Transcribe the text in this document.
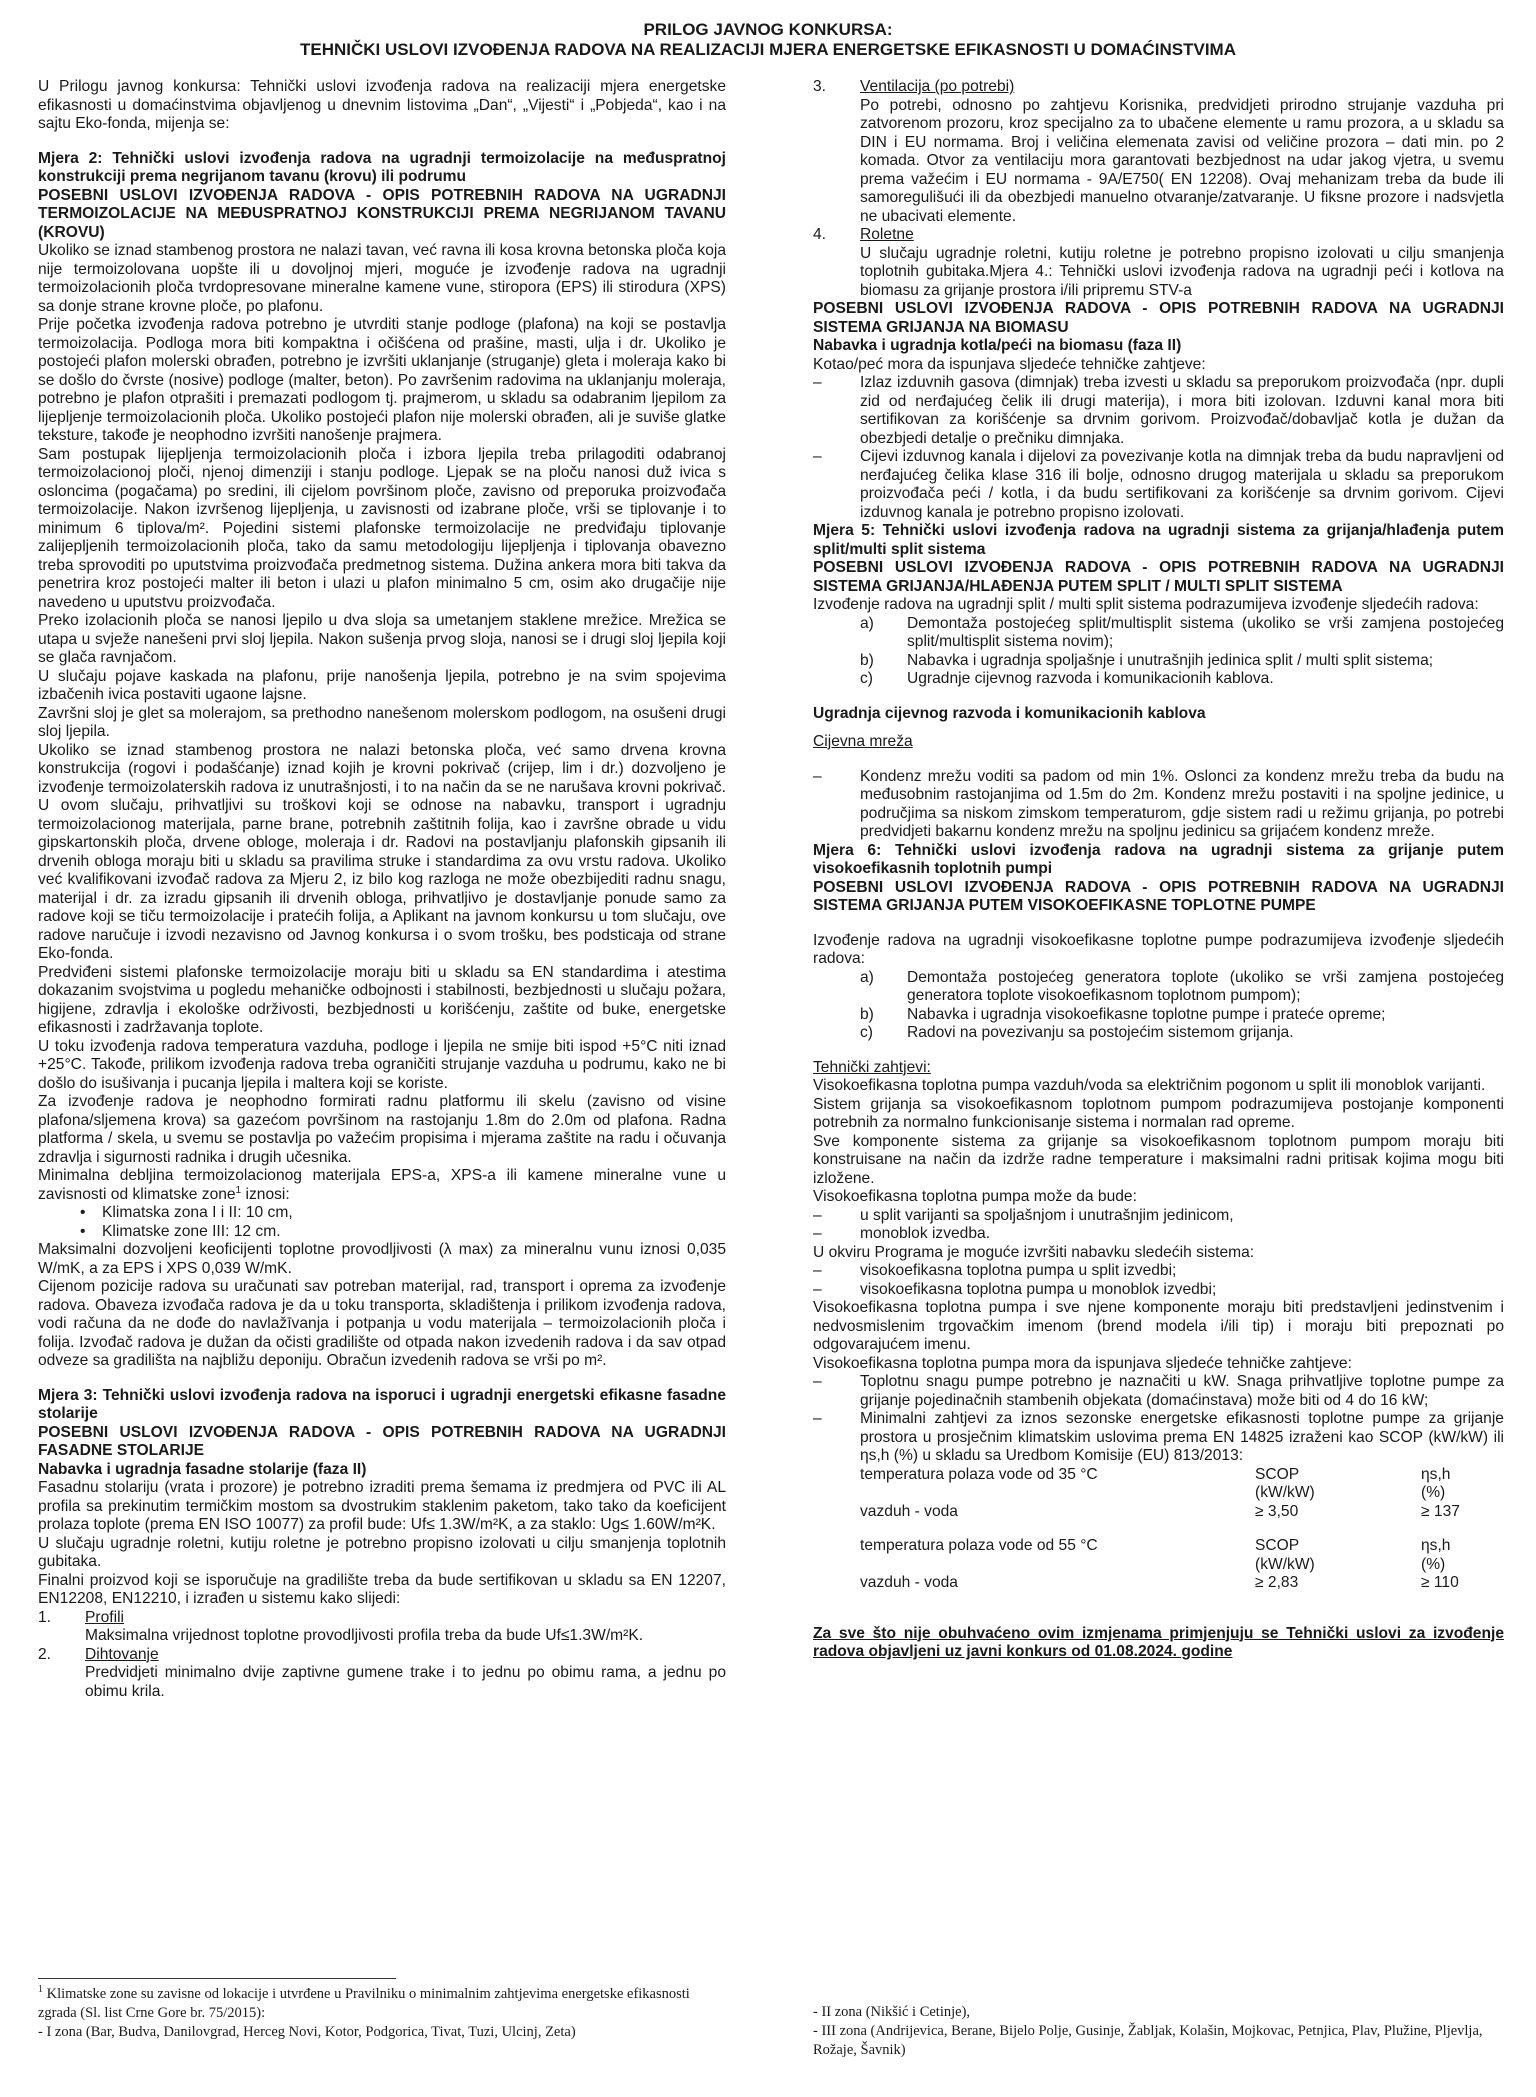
PRILOG JAVNOG KONKURSA:
TEHNIČKI USLOVI IZVOĐENJA RADOVA NA REALIZACIJI MJERA ENERGETSKE EFIKASNOSTI U DOMAĆINSTVIMA

U Prilogu javnog konkursa: Tehnički uslovi izvođenja radova na realizaciji mjera energetske efikasnosti u domaćinstvima objavljenog u dnevnim listovima „Dan“, „Vijesti“ i „Pobjeda“, kao i na sajtu Eko-fonda, mijenja se:

Mjera 2: Tehnički uslovi izvođenja radova na ugradnji termoizolacije na međuspratnoj konstrukciji prema negrijanom tavanu (krovu) ili podrumu

POSEBNI USLOVI IZVOĐENJA RADOVA - OPIS POTREBNIH RADOVA NA UGRADNJI TERMOIZOLACIJE NA MEĐUSPRATNOJ KONSTRUKCIJI PREMA NEGRIJANOM TAVANU (KROVU)

Ukoliko se iznad stambenog prostora ne nalazi tavan, već ravna ili kosa krovna betonska ploča koja nije termoizolovana uopšte ili u dovoljnoj mjeri, moguće je izvođenje radova na ugradnji termoizolacionih ploča tvrdopresovane mineralne kamene vune, stiropora (EPS) ili stirodura (XPS) sa donje strane krovne ploče, po plafonu.

Prije početka izvođenja radova potrebno je utvrditi stanje podloge (plafona) na koji se postavlja termoizolacija. Podloga mora biti kompaktna i očišćena od prašine, masti, ulja i dr. Ukoliko je postojeći plafon molerski obrađen, potrebno je izvršiti uklanjanje (struganje) gleta i moleraja kako bi se došlo do čvrste (nosive) podloge (malter, beton). Po završenim radovima na uklanjanju moleraja, potrebno je plafon otprašiti i premazati podlogom tj. prajmerom, u skladu sa odabranim ljepilom za lijepljenje termoizolacionih ploča. Ukoliko postojeći plafon nije molerski obrađen, ali je suviše glatke teksture, takođe je neophodno izvršiti nanošenje prajmera.

Sam postupak lijepljenja termoizolacionih ploča i izbora ljepila treba prilagoditi odabranoj termoizolacionoj ploči, njenoj dimenziji i stanju podloge. Ljepak se na ploču nanosi duž ivica s osloncima (pogačama) po sredini, ili cijelom površinom ploče, zavisno od preporuka proizvođača termoizolacije. Nakon izvršenog lijepljenja, u zavisnosti od izabrane ploče, vrši se tiplovanje i to minimum 6 tiplova/m². Pojedini sistemi plafonske termoizolacije ne predviđaju tiplovanje zalijepljenih termoizolacionih ploča, tako da samu metodologiju lijepljenja i tiplovanja obavezno treba sprovoditi po uputstvima proizvođača predmetnog sistema. Dužina ankera mora biti takva da penetrira kroz postojeći malter ili beton i ulazi u plafon minimalno 5 cm, osim ako drugačije nije navedeno u uputstvu proizvođača.

Preko izolacionih ploča se nanosi ljepilo u dva sloja sa umetanjem staklene mrežice. Mrežica se utapa u svježe nanešeni prvi sloj ljepila. Nakon sušenja prvog sloja, nanosi se i drugi sloj ljepila koji se glača ravnjačom.

U slučaju pojave kaskada na plafonu, prije nanošenja ljepila, potrebno je na svim spojevima izbačenih ivica postaviti ugaone lajsne.

Završni sloj je glet sa molerajom, sa prethodno nanešenom molerskom podlogom, na osušeni drugi sloj ljepila.

Ukoliko se iznad stambenog prostora ne nalazi betonska ploča, već samo drvena krovna konstrukcija (rogovi i podašćanje) iznad kojih je krovni pokrivač (crijep, lim i dr.) dozvoljeno je izvođenje termoizolaterskih radova iz unutrašnjosti, i to na način da se ne narušava krovni pokrivač. U ovom slučaju, prihvatljivi su troškovi koji se odnose na nabavku, transport i ugradnju termoizolacionog materijala, parne brane, potrebnih zaštitnih folija, kao i završne obrade u vidu gipskartonskih ploča, drvene obloge, moleraja i dr. Radovi na postavljanju plafonskih gipsanih ili drvenih obloga moraju biti u skladu sa pravilima struke i standardima za ovu vrstu radova. Ukoliko već kvalifikovani izvođač radova za Mjeru 2, iz bilo kog razloga ne može obezbijediti radnu snagu, materijal i dr. za izradu gipsanih ili drvenih obloga, prihvatljivo je dostavljanje ponude samo za radove koji se tiču termoizolacije i pratećih folija, a Aplikant na javnom konkursu u tom slučaju, ove radove naručuje i izvodi nezavisno od Javnog konkursa i o svom trošku, bes podsticaja od strane Eko-fonda.

Predviđeni sistemi plafonske termoizolacije moraju biti u skladu sa EN standardima i atestima dokazanim svojstvima u pogledu mehaničke odbojnosti i stabilnosti, bezbjednosti u slučaju požara, higijene, zdravlja i ekološke održivosti, bezbjednosti u korišćenju, zaštite od buke, energetske efikasnosti i zadržavanja toplote.

U toku izvođenja radova temperatura vazduha, podloge i ljepila ne smije biti ispod +5°C niti iznad +25°C. Takođe, prilikom izvođenja radova treba ograničiti strujanje vazduha u podrumu, kako ne bi došlo do isušivanja i pucanja ljepila i maltera koji se koriste.

Za izvođenje radova je neophodno formirati radnu platformu ili skelu (zavisno od visine plafona/sljemena krova) sa gazećom površinom na rastojanju 1.8m do 2.0m od plafona. Radna platforma / skela, u svemu se postavlja po važećim propisima i mjerama zaštite na radu i očuvanja zdravlja i sigurnosti radnika i drugih učesnika.

Minimalna debljina termoizolacionog materijala EPS-a, XPS-a ili kamene mineralne vune u zavisnosti od klimatske zone$^1$ iznosi:

•	Klimatska zona I i II: 10 cm,
•	Klimatske zone III: 12 cm.

Maksimalni dozvoljeni keoficijenti toplotne provodljivosti (λ max) za mineralnu vunu iznosi 0,035 W/mK, a za EPS i XPS 0,039 W/mK.

Cijenom pozicije radova su uračunati sav potreban materijal, rad, transport i oprema za izvođenje radova. Obaveza izvođača radova je da u toku transporta, skladištenja i prilikom izvođenja radova, vodi računa da ne dođe do navlažīvanja i potpanja u vodu materijala – termoizolacionih ploča i folija. Izvođač radova je dužan da očisti gradilište od otpada nakon izvedenih radova i da sav otpad odveze sa gradilišta na najbližu deponiju. Obračun izvedenih radova se vrši po m².

Mjera 3: Tehnički uslovi izvođenja radova na isporuci i ugradnji energetski efikasne fasadne stolarije

POSEBNI USLOVI IZVOĐENJA RADOVA - OPIS POTREBNIH RADOVA NA UGRADNJI FASADNE STOLARIJE

Nabavka i ugradnja fasadne stolarije (faza II)

Fasadnu stolariju (vrata i prozore) je potrebno izraditi prema šemama iz predmjera od PVC ili AL profila sa prekinutim termičkim mostom sa dvostrukim staklenim paketom, tako tako da koeficijent prolaza toplote (prema EN ISO 10077) za profil bude: Uf≤ 1.3W/m²K, a za staklo: Ug≤ 1.60W/m²K.

U slučaju ugradnje roletni, kutiju roletne je potrebno propisno izolovati u cilju smanjenja toplotnih gubitaka.

Finalni proizvod koji se isporučuje na gradilište treba da bude sertifikovan u skladu sa EN 12207, EN12208, EN12210, i izrađen u sistemu kako slijedi:

1.	Profili
Maksimalna vrijednost toplotne provodljivosti profila treba da bude Uf≤1.3W/m²K.
2.	Dihtovanje
Predvidjeti minimalno dvije zaptivne gumene trake i to jednu po obimu rama, a jednu po obimu krila.
3.	Ventilacija (po potrebi)
Po potrebi, odnosno po zahtjevu Korisnika, predvidjeti prirodno strujanje vazduha pri zatvorenom prozoru, kroz specijalno za to ubačene elemente u ramu prozora, a u skladu sa DIN i EU normama. Broj i veličina elemenata zavisi od veličine prozora – dati min. po 2 komada. Otvor za ventilaciju mora garantovati bezbjednost na udar jakog vjetra, u svemu prema važećim i EU normama - 9A/E750( EN 12208). Ovaj mehanizam treba da bude ili samoregulišući ili da obezbjedi manuelno otvaranje/zatvaranje. U fiksne prozore i nadsvjetla ne ubacivati elemente.
4.	Roletne
U slučaju ugradnje roletni, kutiju roletne je potrebno propisno izolovati u cilju smanjenja toplotnih gubitaka.Mjera 4.: Tehnički uslovi izvođenja radova na ugradnji peći i kotlova na biomasu za grijanje prostora i/ili pripremu STV-a

POSEBNI USLOVI IZVOĐENJA RADOVA - OPIS POTREBNIH RADOVA NA UGRADNJI SISTEMA GRIJANJA NA BIOMASU

Nabavka i ugradnja kotla/peći na biomasu (faza II)

Kotao/peć mora da ispunjava sljedeće tehničke zahtjeve:

–	Izlaz izduvnih gasova (dimnjak) treba izvesti u skladu sa preporukom proizvođača (npr. dupli zid od nerđajućeg čelik ili drugi materija), i mora biti izolovan. Izduvni kanal mora biti sertifikovan za korišćenje sa drvnim gorivom. Proizvođač/dobavljač kotla je dužan da obezbjedi detalje o prečniku dimnjaka.
–	Cijevi izduvnog kanala i dijelovi za povezivanje kotla na dimnjak treba da budu napravljeni od nerđajućeg čelika klase 316 ili bolje, odnosno drugog materijala u skladu sa preporukom proizvođača peći / kotla, i da budu sertifikovani za korišćenje sa drvnim gorivom. Cijevi izduvnog kanala je potrebno propisno izolovati.

Mjera 5: Tehnički uslovi izvođenja radova na ugradnji sistema za grijanja/hlađenja putem split/multi split sistema

POSEBNI USLOVI IZVOĐENJA RADOVA - OPIS POTREBNIH RADOVA NA UGRADNJI SISTEMA GRIJANJA/HLAĐENJA PUTEM SPLIT / MULTI SPLIT SISTEMA

Izvođenje radova na ugradnji split / multi split sistema podrazumijeva izvođenje sljedećih radova:

a)	Demontaža postojećeg split/multisplit sistema (ukoliko se vrši zamjena postojećeg split/multisplit sistema novim);
b)	Nabavka i ugradnja spoljašnje i unutrašnjih jedinica split / multi split sistema;
c)	Ugradnje cijevnog razvoda i komunikacionih kablova.

Ugradnja cijevnog razvoda i komunikacionih kablova

Cijevna mreža

–	Kondenz mrežu voditi sa padom od min 1%. Oslonci za kondenz mrežu treba da budu na međusobnim rastojanjima od 1.5m do 2m. Kondenz mrežu postaviti i na spoljne jedinice, u područjima sa niskom zimskom temperaturom, gdje sistem radi u režimu grijanja, po potrebi predvidjeti bakarnu kondenz mrežu na spoljnu jedinicu sa grijaćem kondenz mreže.

Mjera 6: Tehnički uslovi izvođenja radova na ugradnji sistema za grijanje putem visokoefikasnih toplotnih pumpi

POSEBNI USLOVI IZVOĐENJA RADOVA - OPIS POTREBNIH RADOVA NA UGRADNJI SISTEMA GRIJANJA PUTEM VISOKOEFIKASNE TOPLOTNE PUMPE

Izvođenje radova na ugradnji visokoefikasne toplotne pumpe podrazumijeva izvođenje sljedećih radova:

a)	Demontaža postojećeg generatora toplote (ukoliko se vrši zamjena postojećeg generatora toplote visokoefikasnom toplotnom pumpom);
b)	Nabavka i ugradnja visokoefikasne toplotne pumpe i prateće opreme;
c)	Radovi na povezivanju sa postojećim sistemom grijanja.

Tehnički zahtjevi:

Visokoefikasna toplotna pumpa vazduh/voda sa električnim pogonom u split ili monoblok varijanti.

Sistem grijanja sa visokoefikasnom toplotnom pumpom podrazumijeva postojanje komponenti potrebnih za normalno funkcionisanje sistema i normalan rad opreme.

Sve komponente sistema za grijanje sa visokoefikasnom toplotnom pumpom moraju biti konstruisane na način da izdrže radne temperature i maksimalni radni pritisak kojima mogu biti izložene.

Visokoefikasna toplotna pumpa može da bude:

–	u split varijanti sa spoljašnjom i unutrašnjim jedinicom,
–	monoblok izvedba.

U okviru Programa je moguće izvršiti nabavku sledećih sistema:

–	visokoefikasna toplotna pumpa u split izvedbi;
–	visokoefikasna toplotna pumpa u monoblok izvedbi;

Visokoefikasna toplotna pumpa i sve njene komponente moraju biti predstavljeni jedinstvenim i nedvosmislenim trgovačkim imenom (brend modela i/ili tip) i moraju biti prepoznati po odgovarajućem imenu.

Visokoefikasna toplotna pumpa mora da ispunjava sljedeće tehničke zahtjeve:

–	Toplotnu snagu pumpe potrebno je naznačiti u kW. Snaga prihvatljive toplotne pumpe za grijanje pojedinačnih stambenih objekata (domaćinstava) može biti od 4 do 16 kW;
–	Minimalni zahtjevi za iznos sezonske energetske efikasnosti toplotne pumpe za grijanje prostora u prosječnim klimatskim uslovima prema EN 14825 izraženi kao SCOP (kW/kW) ili ηs,h (%) u skladu sa Uredbom Komisije (EU) 813/2013:
temperatura polaza vode od 35 °C	SCOP	ηs,h
	(kW/kW)	(%)
vazduh - voda	≥ 3,50	≥ 137
temperatura polaza vode od 55 °C	SCOP	ηs,h
	(kW/kW)	(%)
vazduh - voda	≥ 2,83	≥ 110

Za sve što nije obuhvaćeno ovim izmjenama primjenjuju se Tehnički uslovi za izvođenje radova objavljeni uz javni konkurs od 01.08.2024. godine

$^1$ Klimatske zone su zavisne od lokacije i utvrđene u Pravilniku o minimalnim zahtjevima energetske efikasnosti zgrada (Sl. list Crne Gore br. 75/2015):
- I zona (Bar, Budva, Danilovgrad, Herceg Novi, Kotor, Podgorica, Tivat, Tuzi, Ulcinj, Zeta)
- II zona (Nikšić i Cetinje),
- III zona (Andrijevica, Berane, Bijelo Polje, Gusinje, Žabljak, Kolašin, Mojkovac, Petnjica, Plav, Plužine, Pljevlja, Rožaje, Šavnik)
